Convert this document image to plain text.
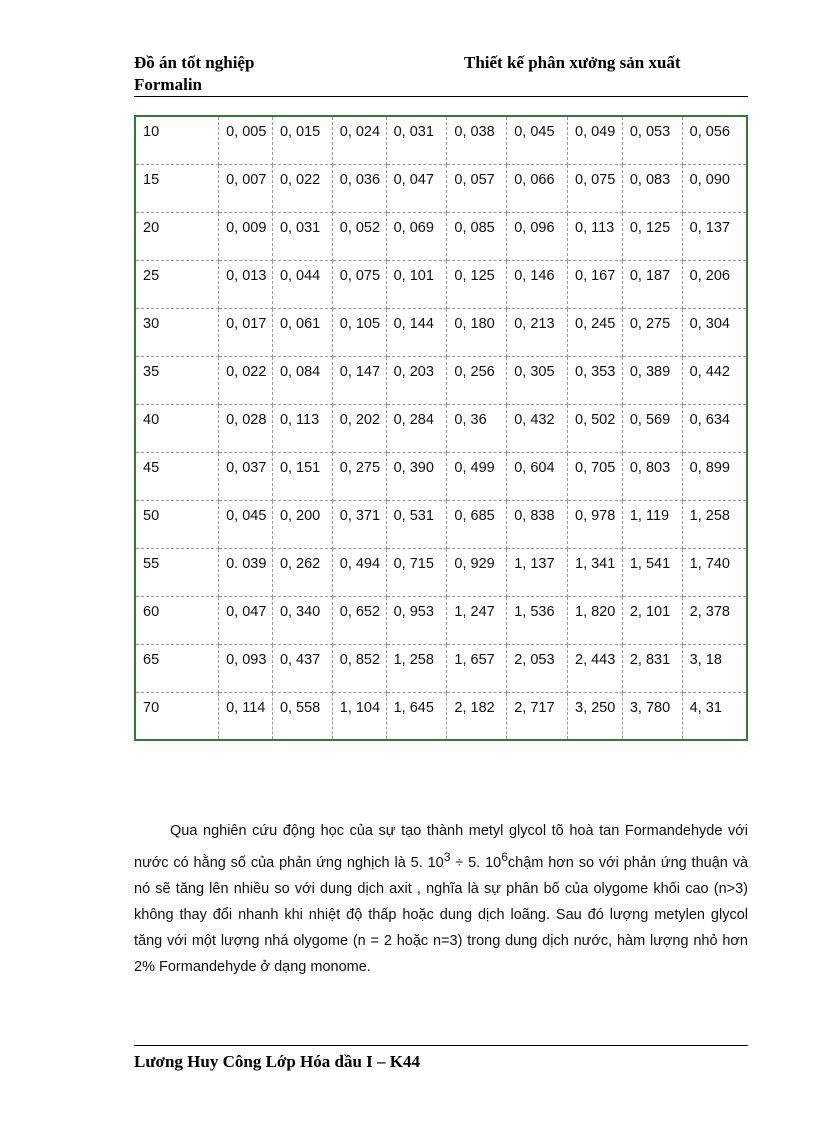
Đồ án tốt nghiệp
Formalin
Thiết kế phân xưởng sản xuất
10	0, 005	0, 015	0, 024	0, 031	0, 038	0, 045	0, 049	0, 053	0, 056
15	0, 007	0, 022	0, 036	0, 047	0, 057	0, 066	0, 075	0, 083	0, 090
20	0, 009	0, 031	0, 052	0, 069	0, 085	0, 096	0, 113	0, 125	0, 137
25	0, 013	0, 044	0, 075	0, 101	0, 125	0, 146	0, 167	0, 187	0, 206
30	0, 017	0, 061	0, 105	0, 144	0, 180	0, 213	0, 245	0, 275	0, 304
35	0, 022	0, 084	0, 147	0, 203	0, 256	0, 305	0, 353	0, 389	0, 442
40	0, 028	0, 113	0, 202	0, 284	0, 36	0, 432	0, 502	0, 569	0, 634
45	0, 037	0, 151	0, 275	0, 390	0, 499	0, 604	0, 705	0, 803	0, 899
50	0, 045	0, 200	0, 371	0, 531	0, 685	0, 838	0, 978	1, 119	1, 258
55	0. 039	0, 262	0, 494	0, 715	0, 929	1, 137	1, 341	1, 541	1, 740
60	0, 047	0, 340	0, 652	0, 953	1, 247	1, 536	1, 820	2, 101	2, 378
65	0, 093	0, 437	0, 852	1, 258	1, 657	2, 053	2, 443	2, 831	3, 18
70	0, 114	0, 558	1, 104	1, 645	2, 182	2, 717	3, 250	3, 780	4, 31
Qua nghiên cứu động học của sự tạo thành metyl glycol tõ hoà tan Formandehyde với nước có hằng số của phản ứng nghịch là 5. $10^3 \div 5$. $10^6chậm$ hơn so với phản ứng thuận và nó sẽ tăng lên nhiều so với dung dịch axit , nghĩa là sự phân bố của olygome khối cao (n>3) không thay đổi nhanh khi nhiệt độ thấp hoặc dung dịch loãng. Sau đó lượng metylen glycol tăng với một lượng nhá olygome (n = 2 hoặc n=3) trong dung dịch nước, hàm lượng nhỏ hơn 2% Formandehyde ở dạng monome.
Lương Huy Công Lớp Hóa dầu I – K44
